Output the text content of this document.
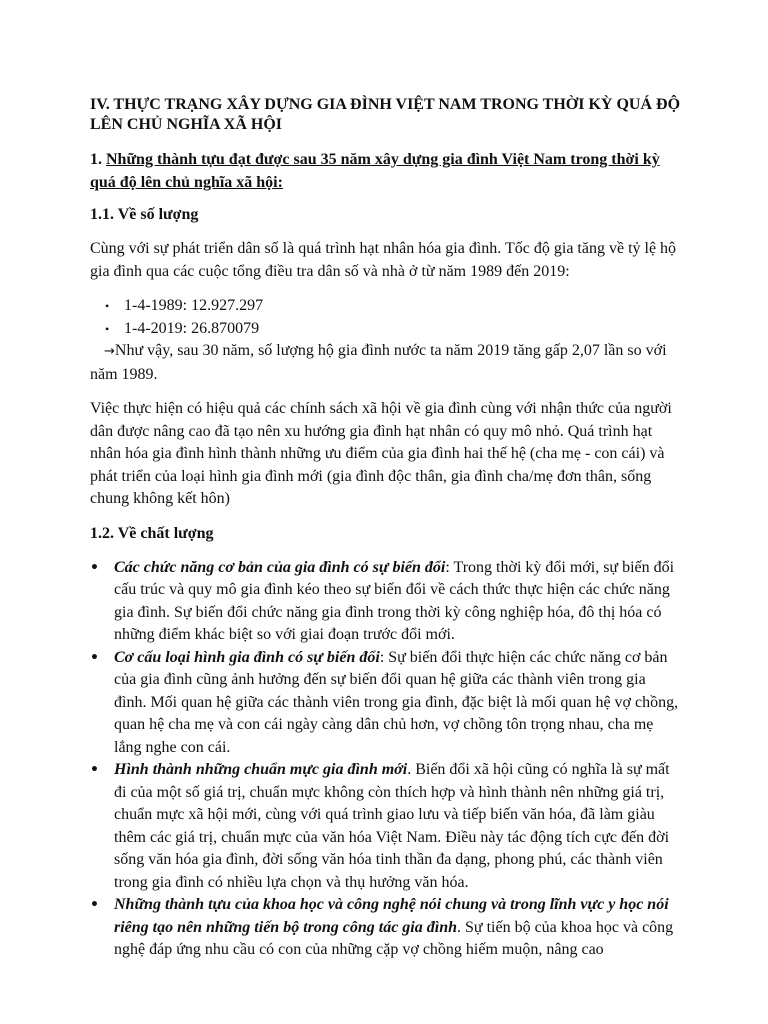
IV. THỰC TRẠNG XÂY DỰNG GIA ĐÌNH VIỆT NAM TRONG THỜI KỲ QUÁ ĐỘ LÊN CHỦ NGHĨA XÃ HỘI
1. Những thành tựu đạt được sau 35 năm xây dựng gia đình Việt Nam trong thời kỳ quá độ lên chủ nghĩa xã hội:
1.1. Về số lượng

Cùng với sự phát triển dân số là quá trình hạt nhân hóa gia đình. Tốc độ gia tăng về tỷ lệ hộ gia đình qua các cuộc tổng điều tra dân số và nhà ở từ năm 1989 đến 2019:

• 1-4-1989: 12.927.297
• 1-4-2019: 26.870079
→Như vậy, sau 30 năm, số lượng hộ gia đình nước ta năm 2019 tăng gấp 2,07 lần so với năm 1989.

Việc thực hiện có hiệu quả các chính sách xã hội về gia đình cùng với nhận thức của người dân được nâng cao đã tạo nên xu hướng gia đình hạt nhân có quy mô nhỏ. Quá trình hạt nhân hóa gia đình hình thành những ưu điểm của gia đình hai thế hệ (cha mẹ - con cái) và phát triển của loại hình gia đình mới (gia đình độc thân, gia đình cha/mẹ đơn thân, sống chung không kết hôn)

1.2. Về chất lượng
• Các chức năng cơ bản của gia đình có sự biến đổi: Trong thời kỳ đổi mới, sự biến đổi cấu trúc và quy mô gia đình kéo theo sự biến đổi về cách thức thực hiện các chức năng gia đình. Sự biến đổi chức năng gia đình trong thời kỳ công nghiệp hóa, đô thị hóa có những điểm khác biệt so với giai đoạn trước đổi mới.
• Cơ cấu loại hình gia đình có sự biến đổi: Sự biến đổi thực hiện các chức năng cơ bản của gia đình cũng ảnh hưởng đến sự biến đổi quan hệ giữa các thành viên trong gia đình. Mối quan hệ giữa các thành viên trong gia đình, đặc biệt là mối quan hệ vợ chồng, quan hệ cha mẹ và con cái ngày càng dân chủ hơn, vợ chồng tôn trọng nhau, cha mẹ lắng nghe con cái.
• Hình thành những chuẩn mực gia đình mới. Biến đổi xã hội cũng có nghĩa là sự mất đi của một số giá trị, chuẩn mực không còn thích hợp và hình thành nên những giá trị, chuẩn mực xã hội mới, cùng với quá trình giao lưu và tiếp biến văn hóa, đã làm giàu thêm các giá trị, chuẩn mực của văn hóa Việt Nam. Điều này tác động tích cực đến đời sống văn hóa gia đình, đời sống văn hóa tinh thần đa dạng, phong phú, các thành viên trong gia đình có nhiều lựa chọn và thụ hưởng văn hóa.
• Những thành tựu của khoa học và công nghệ nói chung và trong lĩnh vực y học nói riêng tạo nên những tiến bộ trong công tác gia đình. Sự tiến bộ của khoa học và công nghệ đáp ứng nhu cầu có con của những cặp vợ chồng hiếm muộn, nâng cao
